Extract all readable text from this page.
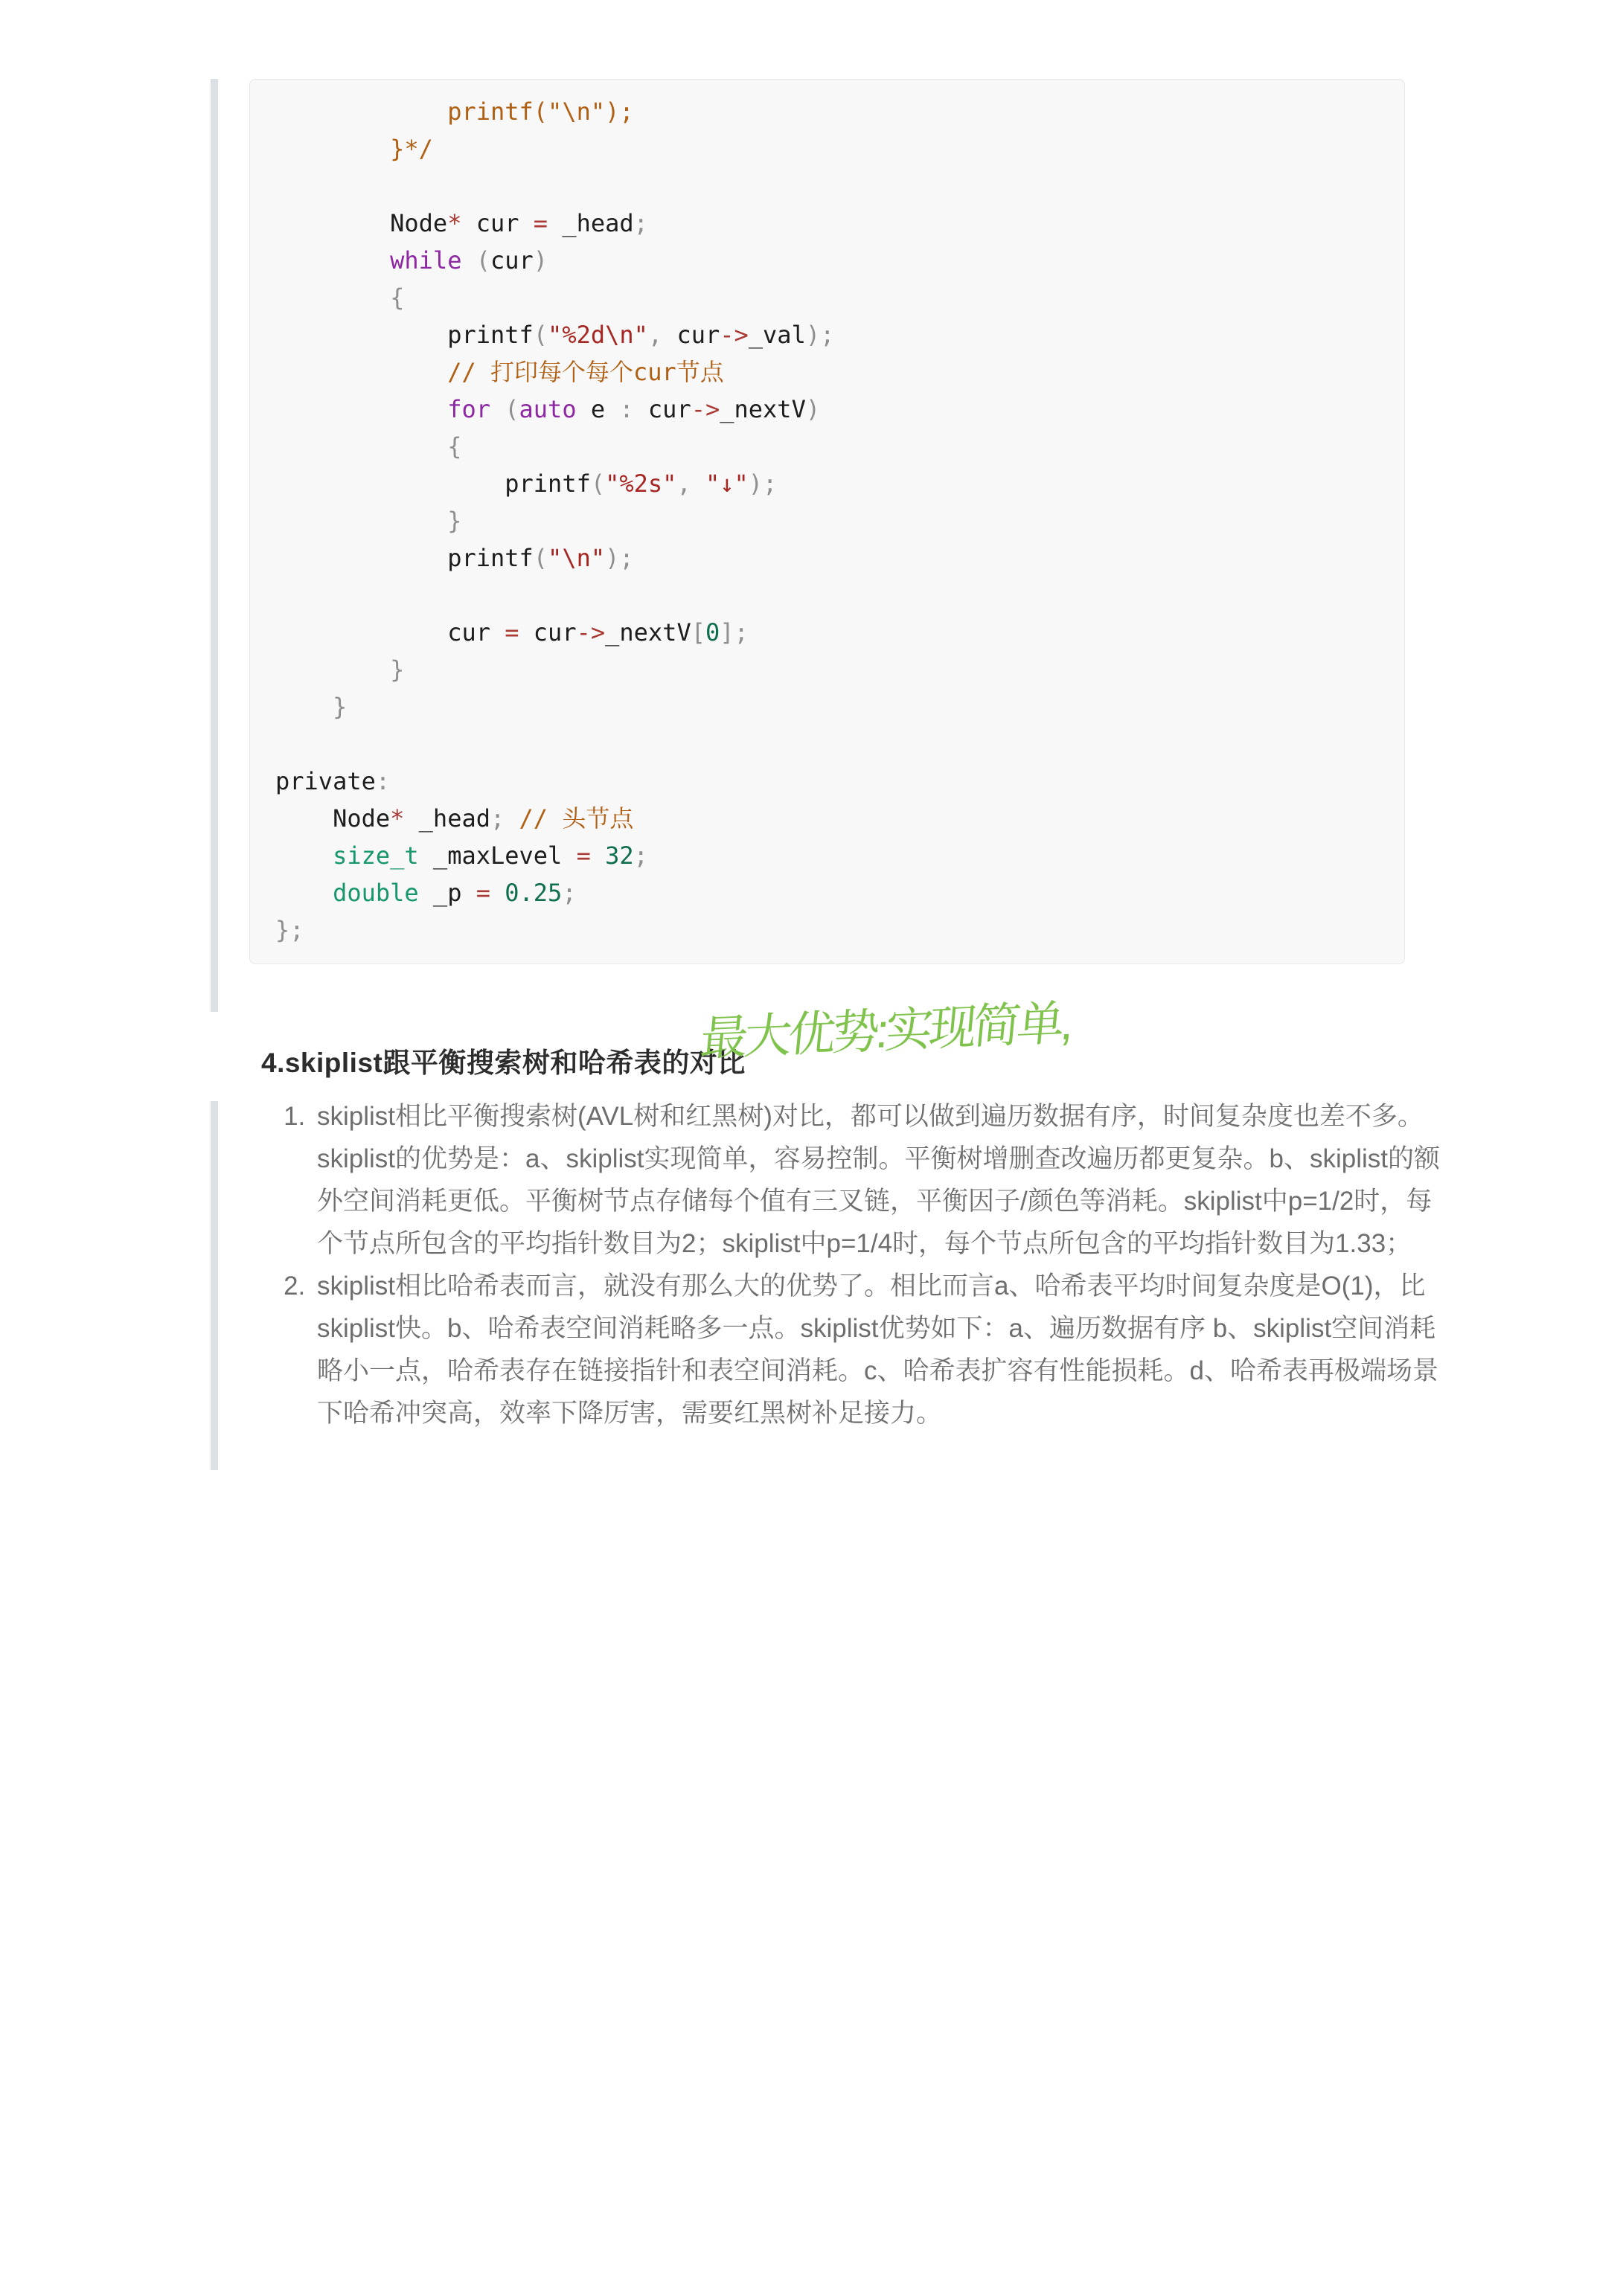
printf("\n");
}*/

Node* cur = _head;
while (cur)
{
printf("%2d\n", cur->_val);
// 打印每个每个cur节点
for (auto e : cur->_nextV)
{
printf("%2s", "↓");
}
printf("\n");

cur = cur->_nextV[0];
}
}

private:
Node* _head; // 头节点
size_t _maxLevel = 32;
double _p = 0.25;
};
4.skiplist跟平衡搜索树和哈希表的对比
最大优势:实现简单,
1. skiplist相比平衡搜索树(AVL树和红黑树)对比，都可以做到遍历数据有序，时间复杂度也差不多。skiplist的优势是：a、skiplist实现简单，容易控制。平衡树增删查改遍历都更复杂。b、skiplist的额外空间消耗更低。平衡树节点存储每个值有三叉链，平衡因子/颜色等消耗。skiplist中p=1/2时，每个节点所包含的平均指针数目为2；skiplist中p=1/4时，每个节点所包含的平均指针数目为1.33；
2. skiplist相比哈希表而言，就没有那么大的优势了。相比而言a、哈希表平均时间复杂度是O(1)，比skiplist快。b、哈希表空间消耗略多一点。skiplist优势如下：a、遍历数据有序 b、skiplist空间消耗略小一点，哈希表存在链接指针和表空间消耗。c、哈希表扩容有性能损耗。d、哈希表再极端场景下哈希冲突高，效率下降厉害，需要红黑树补足接力。
